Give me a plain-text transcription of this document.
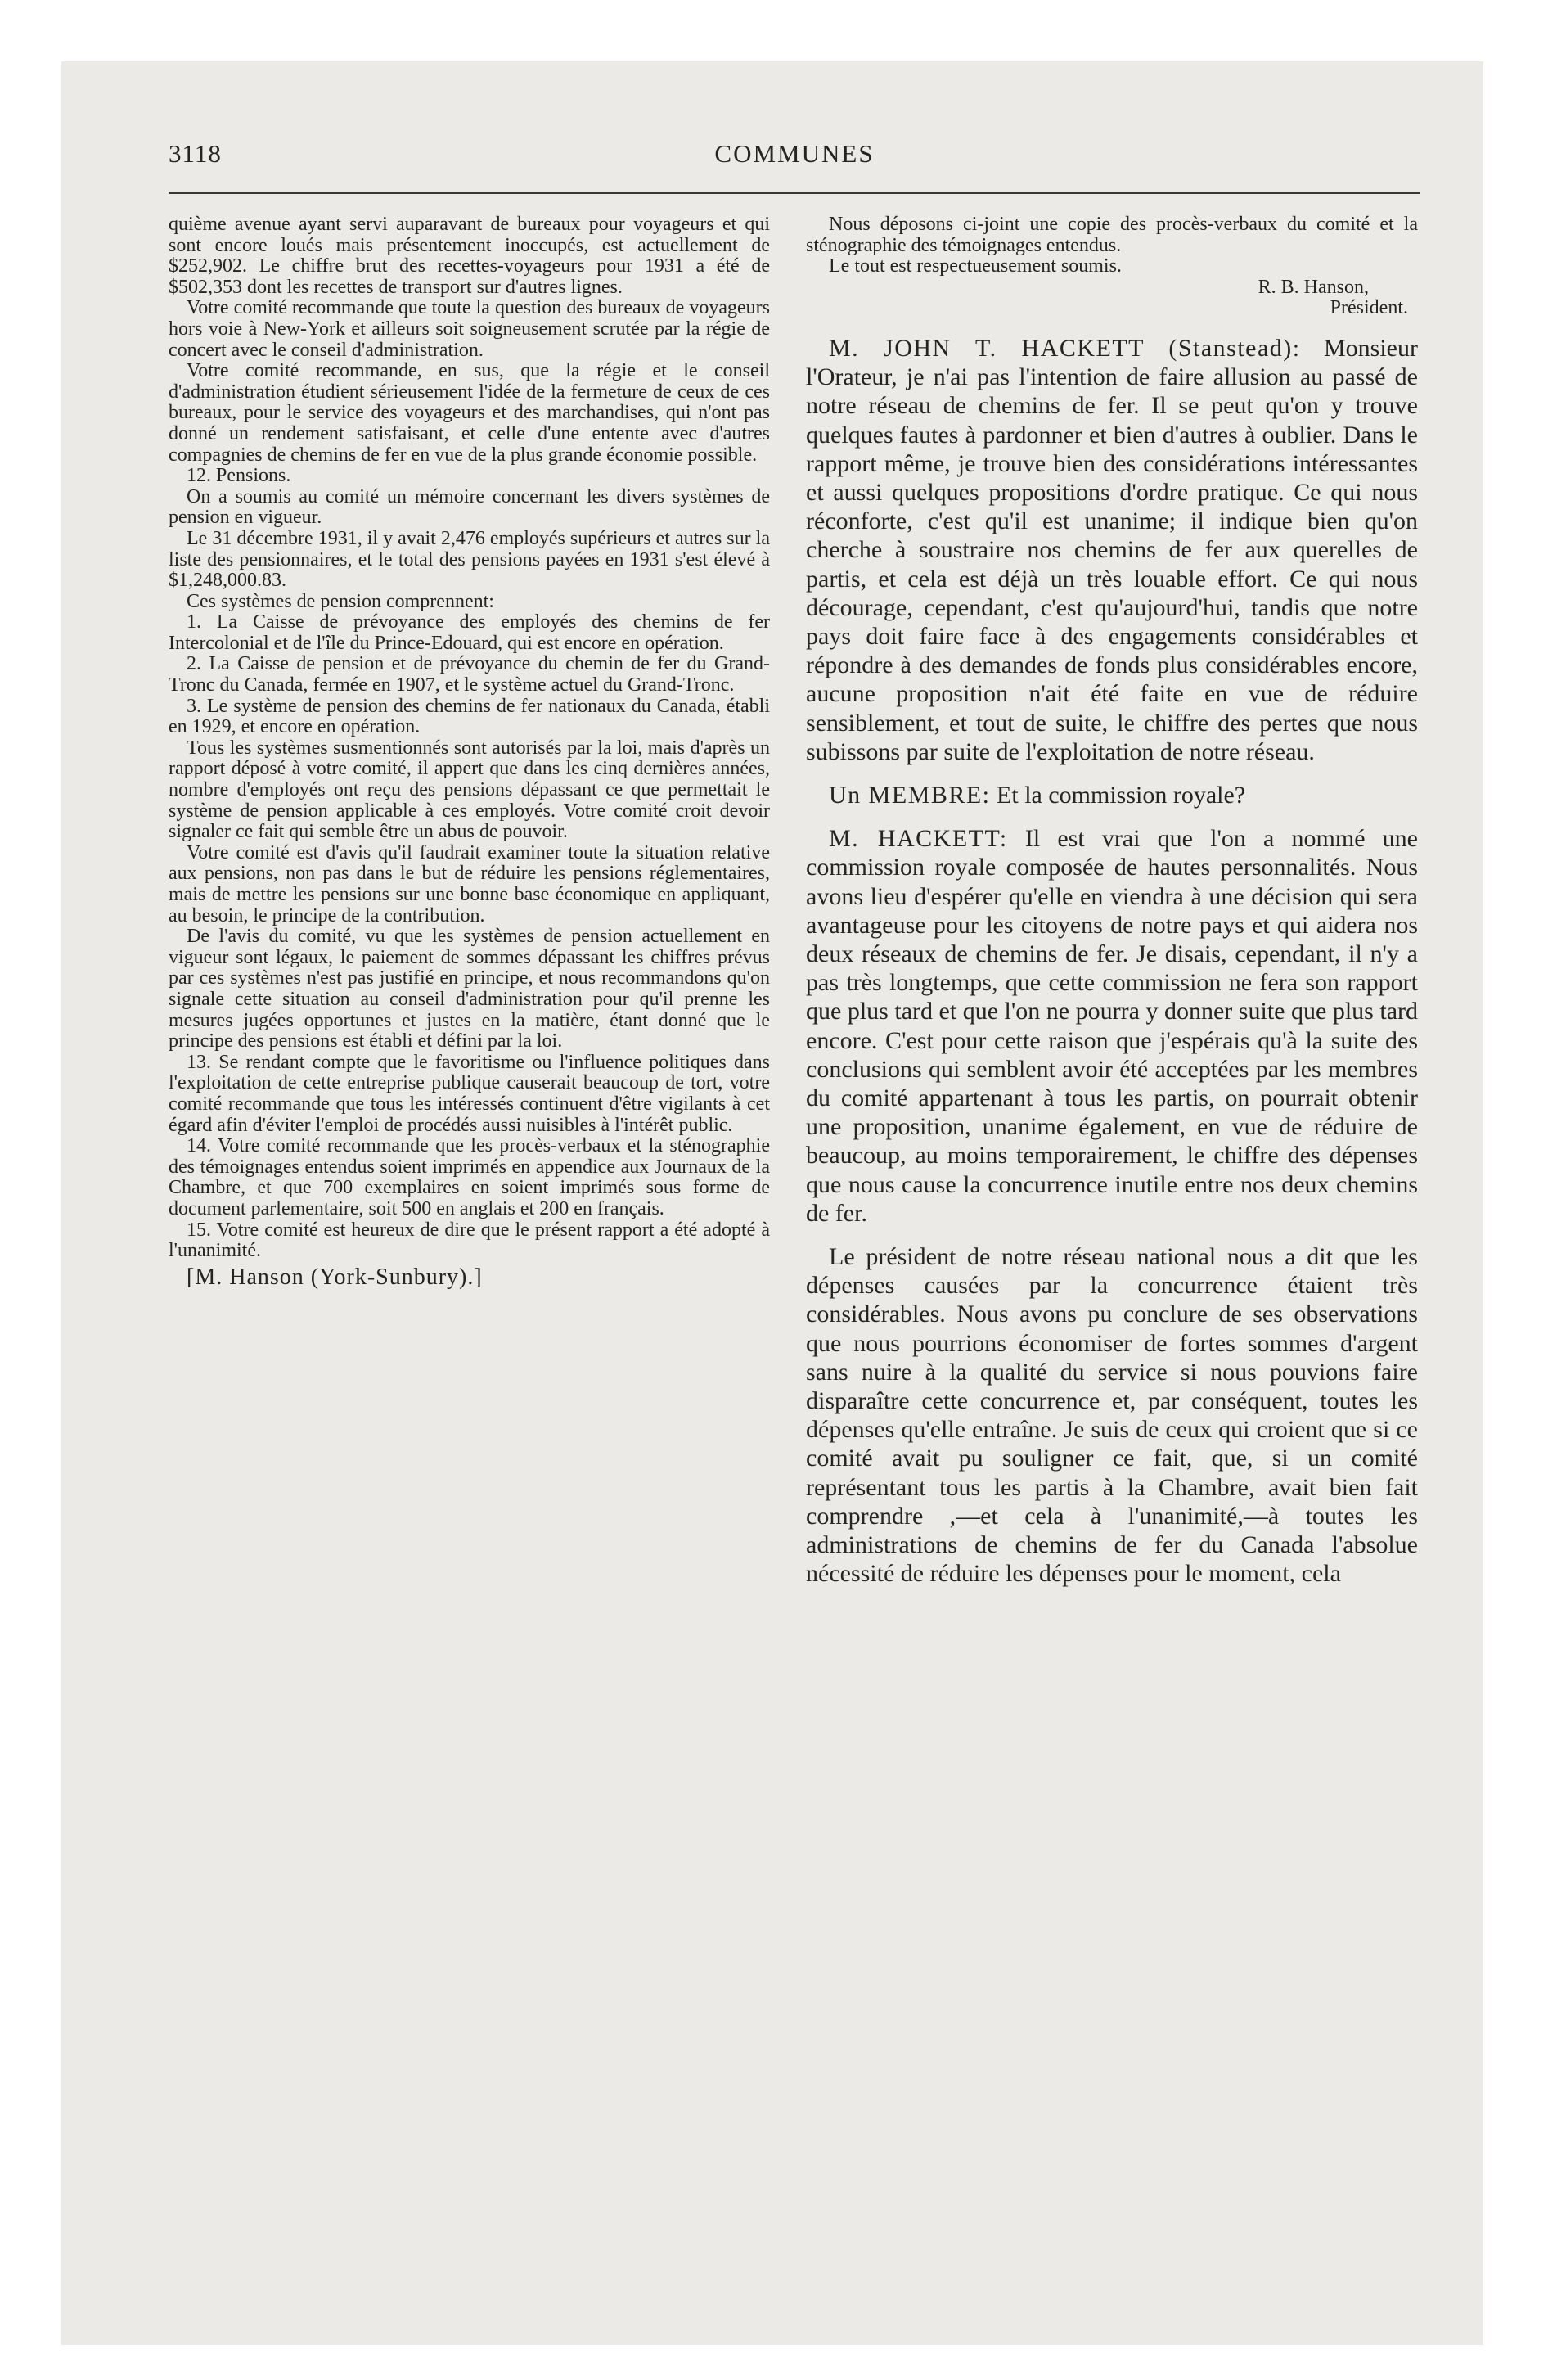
3118	COMMUNES

quième avenue ayant servi auparavant de bureaux pour voyageurs et qui sont encore loués mais présentement inoccupés, est actuellement de $252,902. Le chiffre brut des recettes-voyageurs pour 1931 a été de $502,353 dont les recettes de transport sur d'autres lignes.

Votre comité recommande que toute la question des bureaux de voyageurs hors voie à New-York et ailleurs soit soigneusement scrutée par la régie de concert avec le conseil d'administration.

Votre comité recommande, en sus, que la régie et le conseil d'administration étudient sérieusement l'idée de la fermeture de ceux de ces bureaux, pour le service des voyageurs et des marchandises, qui n'ont pas donné un rendement satisfaisant, et celle d'une entente avec d'autres compagnies de chemins de fer en vue de la plus grande économie possible.

12. Pensions.

On a soumis au comité un mémoire concernant les divers systèmes de pension en vigueur.

Le 31 décembre 1931, il y avait 2,476 employés supérieurs et autres sur la liste des pensionnaires, et le total des pensions payées en 1931 s'est élevé à $1,248,000.83.

Ces systèmes de pension comprennent:

1. La Caisse de prévoyance des employés des chemins de fer Intercolonial et de l'île du Prince-Edouard, qui est encore en opération.

2. La Caisse de pension et de prévoyance du chemin de fer du Grand-Tronc du Canada, fermée en 1907, et le système actuel du Grand-Tronc.

3. Le système de pension des chemins de fer nationaux du Canada, établi en 1929, et encore en opération.

Tous les systèmes susmentionnés sont autorisés par la loi, mais d'après un rapport déposé à votre comité, il appert que dans les cinq dernières années, nombre d'employés ont reçu des pensions dépassant ce que permettait le système de pension applicable à ces employés. Votre comité croit devoir signaler ce fait qui semble être un abus de pouvoir.

Votre comité est d'avis qu'il faudrait examiner toute la situation relative aux pensions, non pas dans le but de réduire les pensions réglementaires, mais de mettre les pensions sur une bonne base économique en appliquant, au besoin, le principe de la contribution.

De l'avis du comité, vu que les systèmes de pension actuellement en vigueur sont légaux, le paiement de sommes dépassant les chiffres prévus par ces systèmes n'est pas justifié en principe, et nous recommandons qu'on signale cette situation au conseil d'administration pour qu'il prenne les mesures jugées opportunes et justes en la matière, étant donné que le principe des pensions est établi et défini par la loi.

13. Se rendant compte que le favoritisme ou l'influence politiques dans l'exploitation de cette entreprise publique causerait beaucoup de tort, votre comité recommande que tous les intéressés continuent d'être vigilants à cet égard afin d'éviter l'emploi de procédés aussi nuisibles à l'intérêt public.

14. Votre comité recommande que les procès-verbaux et la sténographie des témoignages entendus soient imprimés en appendice aux Journaux de la Chambre, et que 700 exemplaires en soient imprimés sous forme de document parlementaire, soit 500 en anglais et 200 en français.

15. Votre comité est heureux de dire que le présent rapport a été adopté à l'unanimité.

[M. Hanson (York-Sunbury).]

Nous déposons ci-joint une copie des procès-verbaux du comité et la sténographie des témoignages entendus.

Le tout est respectueusement soumis.

R. B. Hanson,

Président.

M. JOHN T. HACKETT (Stanstead): Monsieur l'Orateur, je n'ai pas l'intention de faire allusion au passé de notre réseau de chemins de fer. Il se peut qu'on y trouve quelques fautes à pardonner et bien d'autres à oublier. Dans le rapport même, je trouve bien des considérations intéressantes et aussi quelques propositions d'ordre pratique. Ce qui nous réconforte, c'est qu'il est unanime; il indique bien qu'on cherche à soustraire nos chemins de fer aux querelles de partis, et cela est déjà un très louable effort. Ce qui nous décourage, cependant, c'est qu'aujourd'hui, tandis que notre pays doit faire face à des engagements considérables et répondre à des demandes de fonds plus considérables encore, aucune proposition n'ait été faite en vue de réduire sensiblement, et tout de suite, le chiffre des pertes que nous subissons par suite de l'exploitation de notre réseau.

Un MEMBRE: Et la commission royale?

M. HACKETT: Il est vrai que l'on a nommé une commission royale composée de hautes personnalités. Nous avons lieu d'espérer qu'elle en viendra à une décision qui sera avantageuse pour les citoyens de notre pays et qui aidera nos deux réseaux de chemins de fer. Je disais, cependant, il n'y a pas très longtemps, que cette commission ne fera son rapport que plus tard et que l'on ne pourra y donner suite que plus tard encore. C'est pour cette raison que j'espérais qu'à la suite des conclusions qui semblent avoir été acceptées par les membres du comité appartenant à tous les partis, on pourrait obtenir une proposition, unanime également, en vue de réduire de beaucoup, au moins temporairement, le chiffre des dépenses que nous cause la concurrence inutile entre nos deux chemins de fer.

Le président de notre réseau national nous a dit que les dépenses causées par la concurrence étaient très considérables. Nous avons pu conclure de ses observations que nous pourrions économiser de fortes sommes d'argent sans nuire à la qualité du service si nous pouvions faire disparaître cette concurrence et, par conséquent, toutes les dépenses qu'elle entraîne. Je suis de ceux qui croient que si ce comité avait pu souligner ce fait, que, si un comité représentant tous les partis à la Chambre, avait bien fait comprendre ,—et cela à l'unanimité,—à toutes les administrations de chemins de fer du Canada l'absolue nécessité de réduire les dépenses pour le moment, cela
